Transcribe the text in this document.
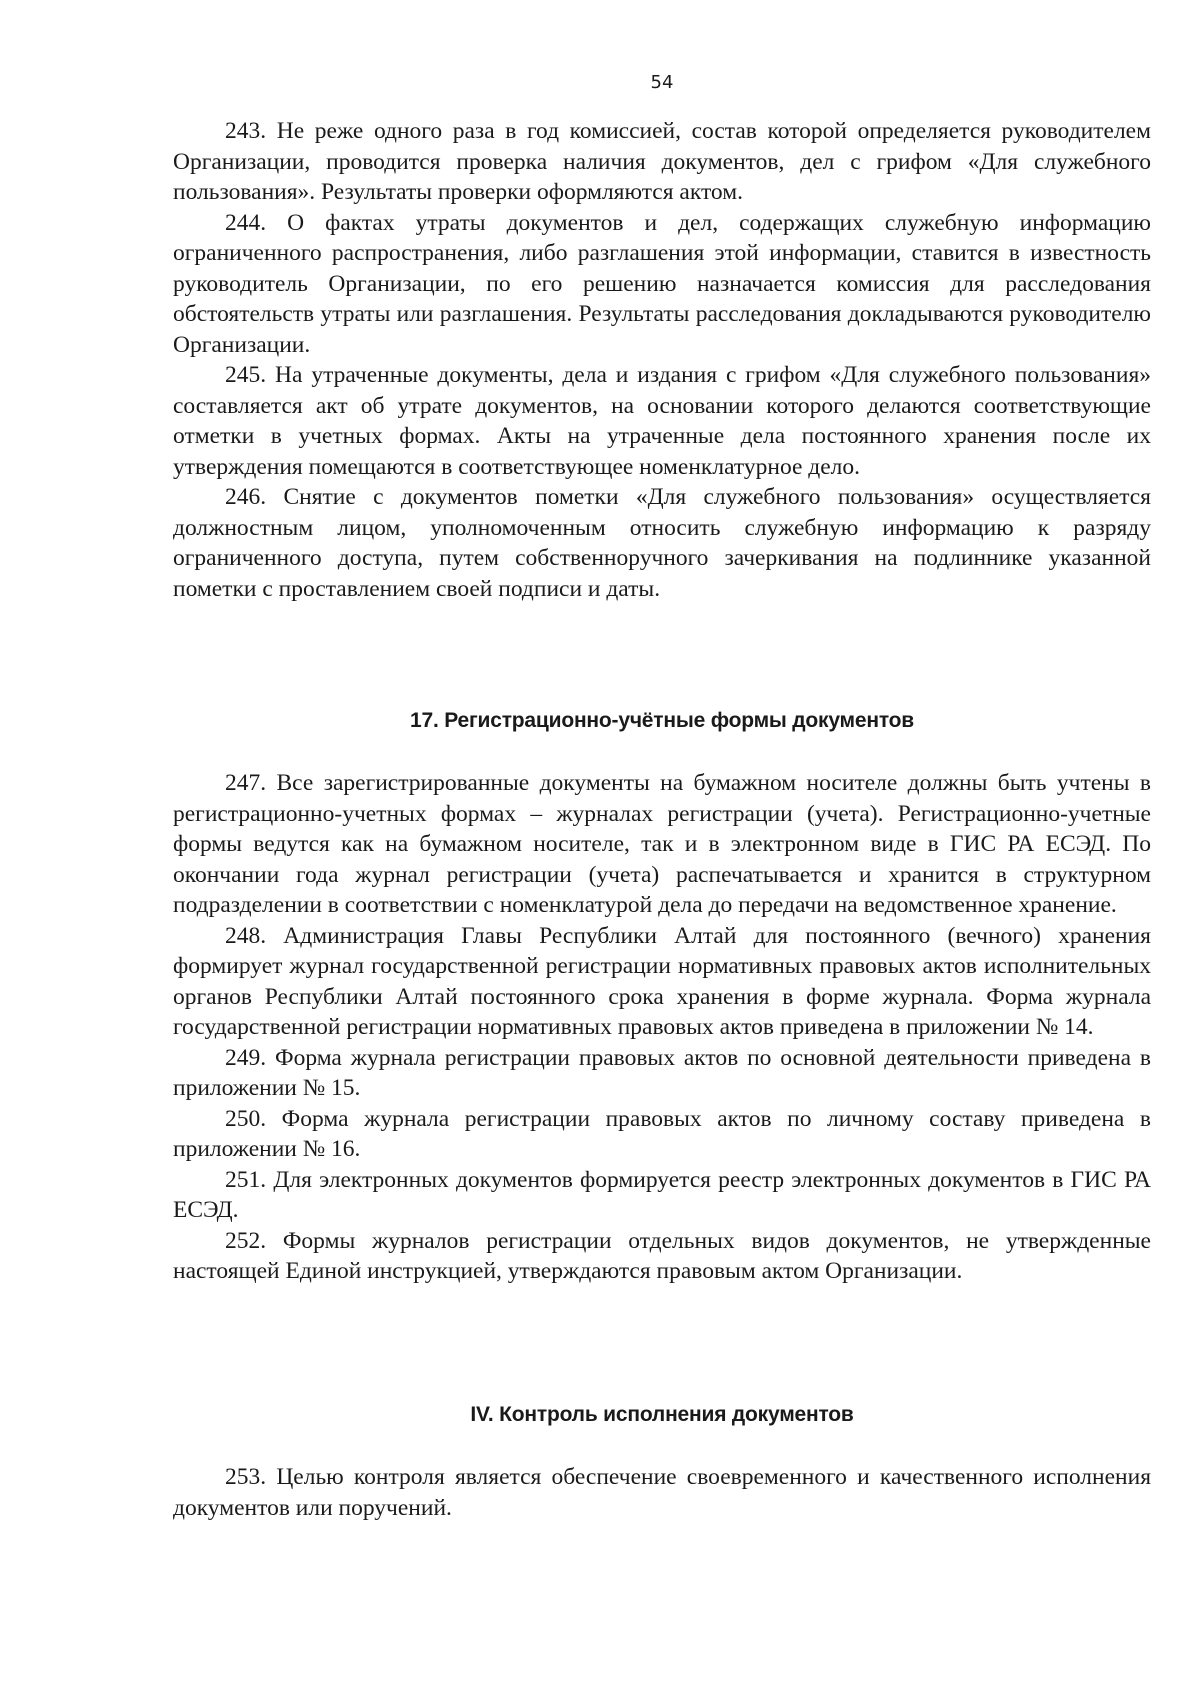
54

243. Не реже одного раза в год комиссией, состав которой определяется руководителем Организации, проводится проверка наличия документов, дел с грифом «Для служебного пользования». Результаты проверки оформляются актом.

244. О фактах утраты документов и дел, содержащих служебную информацию ограниченного распространения, либо разглашения этой информации, ставится в известность руководитель Организации, по его решению назначается комиссия для расследования обстоятельств утраты или разглашения. Результаты расследования докладываются руководителю Организации.

245. На утраченные документы, дела и издания с грифом «Для служебного пользования» составляется акт об утрате документов, на основании которого делаются соответствующие отметки в учетных формах. Акты на утраченные дела постоянного хранения после их утверждения помещаются в соответствующее номенклатурное дело.

246. Снятие с документов пометки «Для служебного пользования» осуществляется должностным лицом, уполномоченным относить служебную информацию к разряду ограниченного доступа, путем собственноручного зачеркивания на подлиннике указанной пометки с проставлением своей подписи и даты.

17. Регистрационно-учётные формы документов

247. Все зарегистрированные документы на бумажном носителе должны быть учтены в регистрационно-учетных формах – журналах регистрации (учета). Регистрационно-учетные формы ведутся как на бумажном носителе, так и в электронном виде в ГИС РА ЕСЭД. По окончании года журнал регистрации (учета) распечатывается и хранится в структурном подразделении в соответствии с номенклатурой дела до передачи на ведомственное хранение.

248. Администрация Главы Республики Алтай для постоянного (вечного) хранения формирует журнал государственной регистрации нормативных правовых актов исполнительных органов Республики Алтай постоянного срока хранения в форме журнала. Форма журнала государственной регистрации нормативных правовых актов приведена в приложении № 14.

249. Форма журнала регистрации правовых актов по основной деятельности приведена в приложении № 15.

250. Форма журнала регистрации правовых актов по личному составу приведена в приложении № 16.

251. Для электронных документов формируется реестр электронных документов в ГИС РА ЕСЭД.

252. Формы журналов регистрации отдельных видов документов, не утвержденные настоящей Единой инструкцией, утверждаются правовым актом Организации.

IV. Контроль исполнения документов

253. Целью контроля является обеспечение своевременного и качественного исполнения документов или поручений.
